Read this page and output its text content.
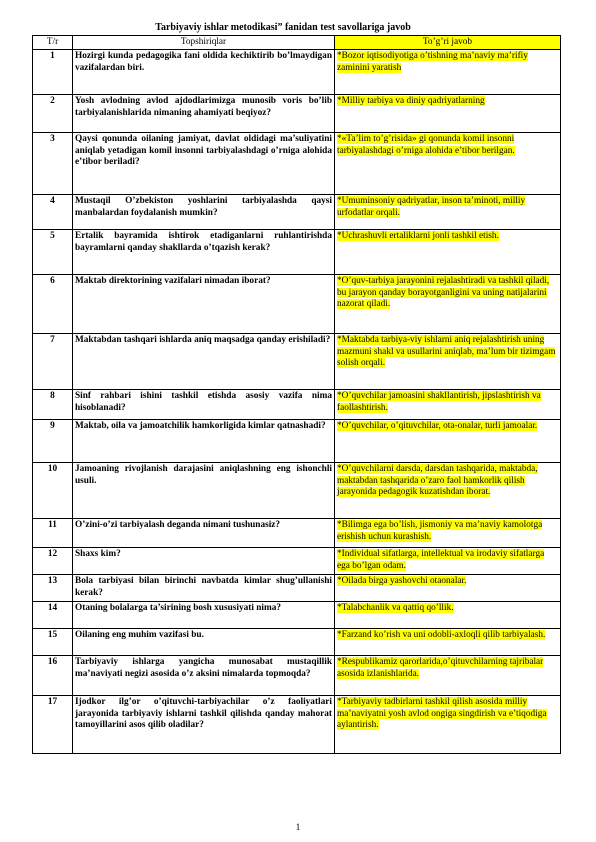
Tarbiyaviy ishlar metodikasi” fanidan test savollariga javob
T/r	Topshiriqlar	To’g’ri javob
1	Hozirgi kunda pedagogika fani oldida kechiktirib bo’lmaydigan vazifalardan biri.	*Bozor iqtisodiyotiga o’tishning ma’naviy ma’rifiy zaminini yaratish
2	Yosh avlodning avlod ajdodlarimizga munosib voris bo’lib tarbiyalanishlarida nimaning ahamiyati beqiyoz?	*Milliy tarbiya va diniy qadriyatlarning
3	Qaysi qonunda oilaning jamiyat, davlat oldidagi ma’suliyatini aniqlab yetadigan komil insonni tarbiyalashdagi o’rniga alohida e’tibor beriladi?	*«Ta’lim to’g’risida» gi qonunda komil insonni tarbiyalashdagi o’rniga alohida e’tibor berilgan.
4	Mustaqil O’zbekiston yoshlarini tarbiyalashda qaysi manbalardan foydalanish mumkin?	*Umuminsoniy qadriyatlar, inson ta’minoti, milliy urfodatlar orqali.
5	Ertalik bayramida ishtirok etadiganlarni ruhlantirishda bayramlarni qanday shakllarda o’tqazish kerak?	*Uchrashuvli ertaliklarni jonli tashkil etish.
6	Maktab direktorining vazifalari nimadan iborat?	*O’quv-tarbiya jarayonini rejalashtiradi va tashkil qiladi, bu jarayon qanday borayotganligini va uning natijalarini nazorat qiladi.
7	Maktabdan tashqari ishlarda aniq maqsadga qanday erishiladi?	*Maktabda tarbiya-viy ishlarni aniq rejalashtirish uning mazmuni shakl va usullarini aniqlab, ma’lum bir tizimgam solish orqali.
8	Sinf rahbari ishini tashkil etishda asosiy vazifa nima hisoblanadi?	*O’quvchilar jamoasini shakllantirish, jipslashtirish va faollashtirish.
9	Maktab, oila va jamoatchilik hamkorligida kimlar qatnashadi?	*O’quvchilar, o’qituvchilar, ota-onalar, turli jamoalar.
10	Jamoaning rivojlanish darajasini aniqlashning eng ishonchli usuli.	*O’quvchilarni darsda, darsdan tashqarida, maktabda, maktabdan tashqarida o’zaro faol hamkorlik qilish jarayonida pedagogik kuzatishdan iborat.
11	O’zini-o’zi tarbiyalash deganda nimani tushunasiz?	*Bilimga ega bo’lish, jismoniy va ma’naviy kamolotga erishish uchun kurashish.
12	Shaxs kim?	*Individual sifatlarga, intellektual va irodaviy sifatlarga ega bo’lgan odam.
13	Bola tarbiyasi bilan birinchi navbatda kimlar shug’ullanishi kerak?	*Oilada birga yashovchi otaonalar.
14	Otaning bolalarga ta’sirining bosh xususiyati nima?	*Talabchanlik va qattiq qo’llik.
15	Oilaning eng muhim vazifasi bu.	*Farzand ko’rish va uni odobli-axloqli qilib tarbiyalash.
16	Tarbiyaviy ishlarga yangicha munosabat mustaqillik ma’naviyati negizi asosida o’z aksini nimalarda topmoqda?	*Respublikamiz qarorlarida,o’qituvchilarning tajribalar asosida izlanishlarida.
17	Ijodkor ilg’or o’qituvchi-tarbiyachilar o’z faoliyatlari jarayonida tarbiyaviy ishlarni tashkil qilishda qanday mahorat tamoyillarini asos qilib oladilar?	*Tarbiyaviy tadbirlarni tashkil qilish asosida milliy ma’naviyatni yosh avlod ongiga singdirish va e’tiqodiga aylantirish.
1
